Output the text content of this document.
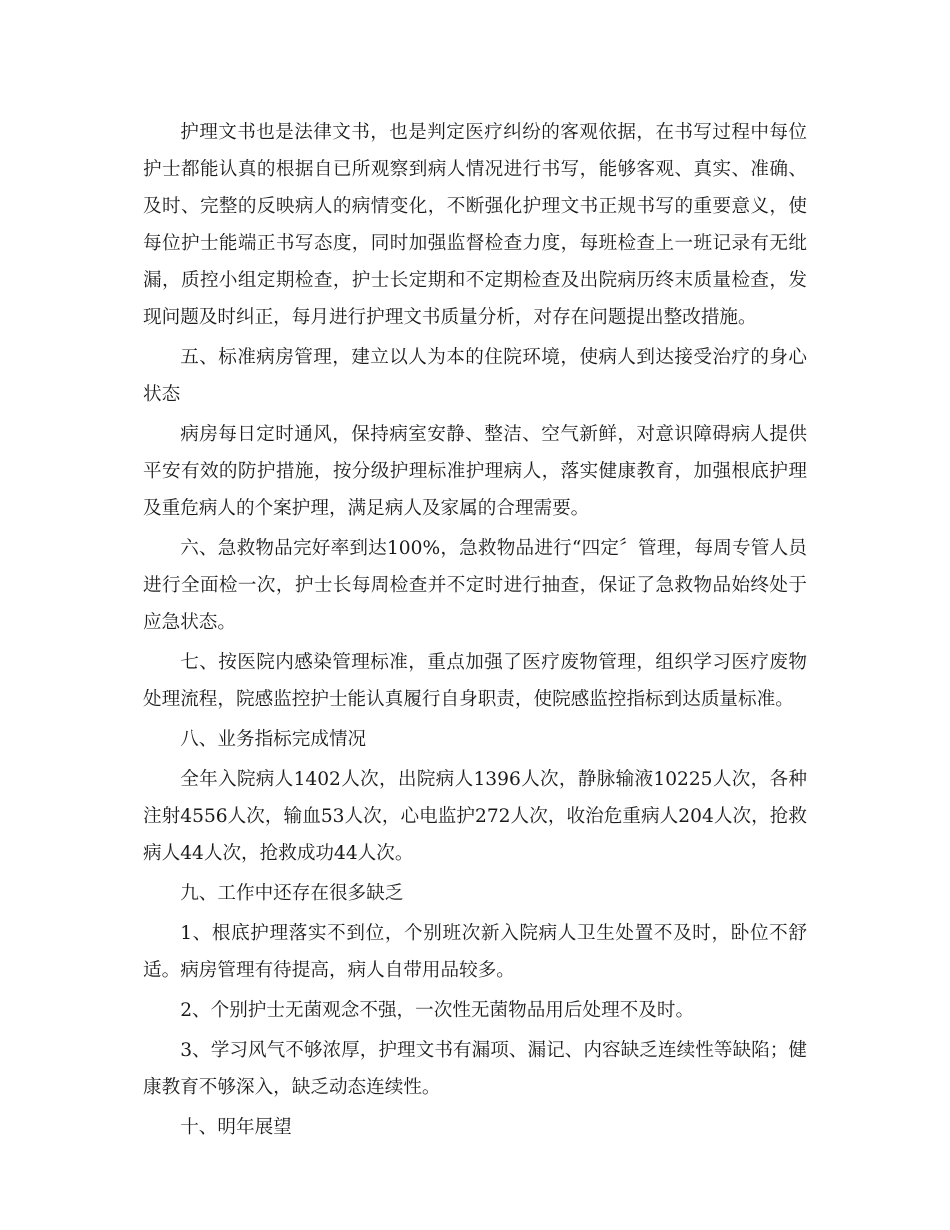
护理文书也是法律文书，也是判定医疗纠纷的客观依据，在书写过程中每位护士都能认真的根据自已所观察到病人情况进行书写，能够客观、真实、准确、及时、完整的反映病人的病情变化，不断强化护理文书正规书写的重要意义，使每位护士能端正书写态度，同时加强监督检查力度，每班检查上一班记录有无纰漏，质控小组定期检查，护士长定期和不定期检查及出院病历终末质量检查，发现问题及时纠正，每月进行护理文书质量分析，对存在问题提出整改措施。

五、标准病房管理，建立以人为本的住院环境，使病人到达接受治疗的身心状态

病房每日定时通风，保持病室安静、整洁、空气新鲜，对意识障碍病人提供平安有效的防护措施，按分级护理标准护理病人，落实健康教育，加强根底护理及重危病人的个案护理，满足病人及家属的合理需要。

六、急救物品完好率到达100%，急救物品进行“四定〞管理，每周专管人员进行全面检一次，护士长每周检查并不定时进行抽查，保证了急救物品始终处于应急状态。

七、按医院内感染管理标准，重点加强了医疗废物管理，组织学习医疗废物处理流程，院感监控护士能认真履行自身职责，使院感监控指标到达质量标准。

八、业务指标完成情况

全年入院病人1402人次，出院病人1396人次，静脉输液10225人次，各种注射4556人次，输血53人次，心电监护272人次，收治危重病人204人次，抢救病人44人次，抢救成功44人次。

九、工作中还存在很多缺乏

1、根底护理落实不到位，个别班次新入院病人卫生处置不及时，卧位不舒适。病房管理有待提高，病人自带用品较多。

2、个别护士无菌观念不强，一次性无菌物品用后处理不及时。

3、学习风气不够浓厚，护理文书有漏项、漏记、内容缺乏连续性等缺陷；健康教育不够深入，缺乏动态连续性。

十、明年展望
